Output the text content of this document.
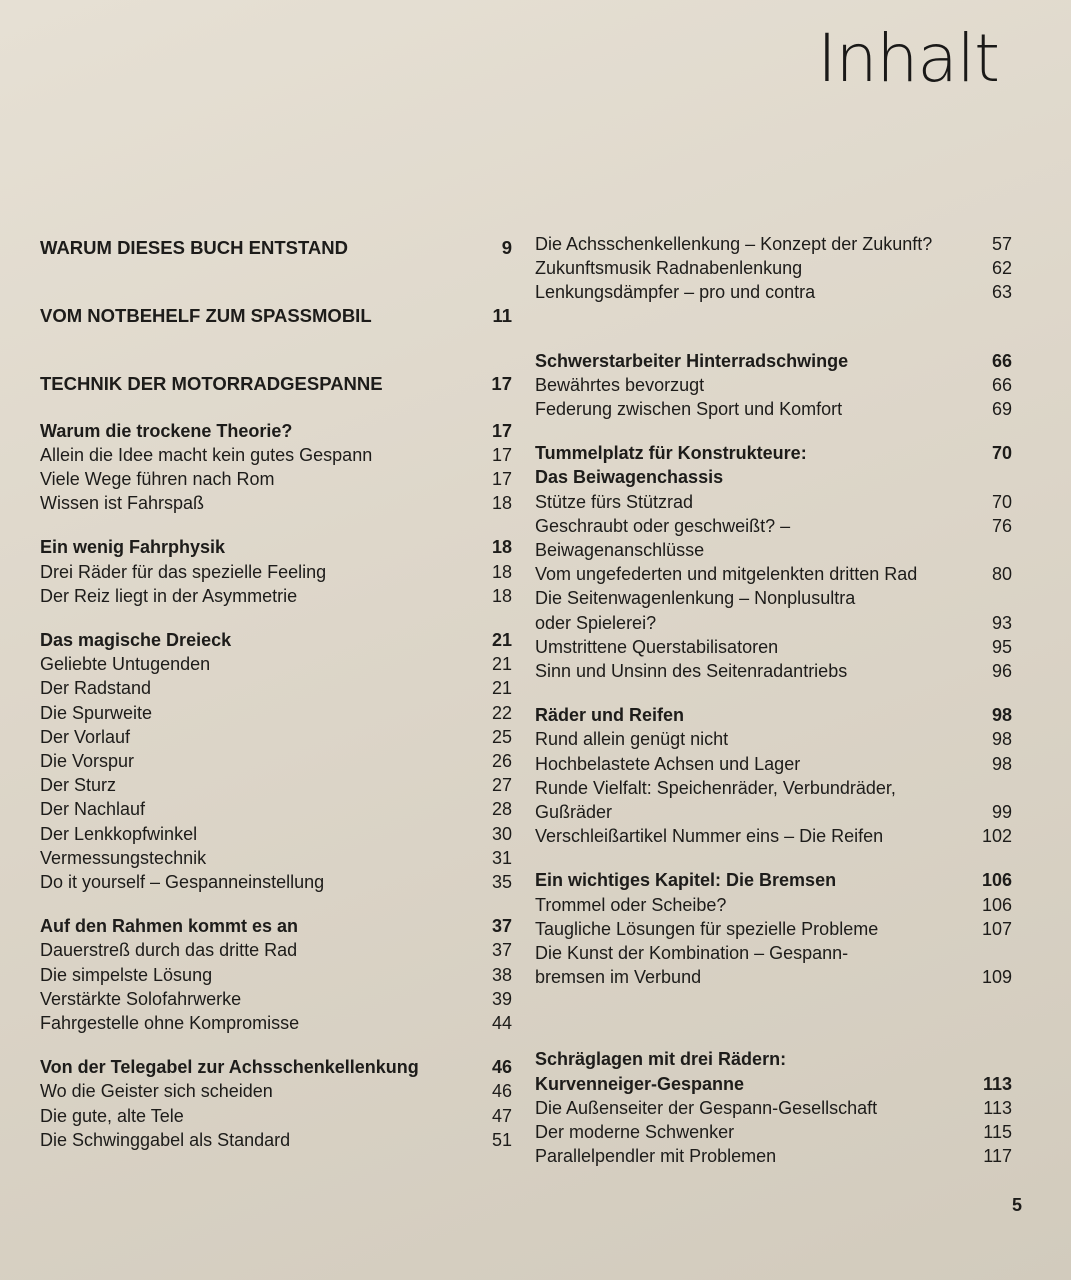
Inhalt
WARUM DIESES BUCH ENTSTAND	9
VOM NOTBEHELF ZUM SPASSMOBIL	11
TECHNIK DER MOTORRADGESPANNE	17
Warum die trockene Theorie?	17
Allein die Idee macht kein gutes Gespann	17
Viele Wege führen nach Rom	17
Wissen ist Fahrspaß	18
Ein wenig Fahrphysik	18
Drei Räder für das spezielle Feeling	18
Der Reiz liegt in der Asymmetrie	18
Das magische Dreieck	21
Geliebte Untugenden	21
Der Radstand	21
Die Spurweite	22
Der Vorlauf	25
Die Vorspur	26
Der Sturz	27
Der Nachlauf	28
Der Lenkkopfwinkel	30
Vermessungstechnik	31
Do it yourself – Gespanneinstellung	35
Auf den Rahmen kommt es an	37
Dauerstreß durch das dritte Rad	37
Die simpelste Lösung	38
Verstärkte Solofahrwerke	39
Fahrgestelle ohne Kompromisse	44
Von der Telegabel zur Achsschenkellenkung	46
Wo die Geister sich scheiden	46
Die gute, alte Tele	47
Die Schwinggabel als Standard	51
Die Achsschenkellenkung – Konzept der Zukunft?	57
Zukunftsmusik Radnabenlenkung	62
Lenkungsdämpfer – pro und contra	63
Schwerstarbeiter Hinterradschwinge	66
Bewährtes bevorzugt	66
Federung zwischen Sport und Komfort	69
Tummelplatz für Konstrukteure:	70
Das Beiwagenchassis
Stütze fürs Stützrad	70
Geschraubt oder geschweißt? –	76
Beiwagenanschlüsse
Vom ungefederten und mitgelenkten dritten Rad	80
Die Seitenwagenlenkung – Nonplusultra
oder Spielerei?	93
Umstrittene Querstabilisatoren	95
Sinn und Unsinn des Seitenradantriebs	96
Räder und Reifen	98
Rund allein genügt nicht	98
Hochbelastete Achsen und Lager	98
Runde Vielfalt: Speichenräder, Verbundräder,
Gußräder	99
Verschleißartikel Nummer eins – Die Reifen	102
Ein wichtiges Kapitel: Die Bremsen	106
Trommel oder Scheibe?	106
Taugliche Lösungen für spezielle Probleme	107
Die Kunst der Kombination – Gespann-
bremsen im Verbund	109
Schräglagen mit drei Rädern:
Kurvenneiger-Gespanne	113
Die Außenseiter der Gespann-Gesellschaft	113
Der moderne Schwenker	115
Parallelpendler mit Problemen	117
5
